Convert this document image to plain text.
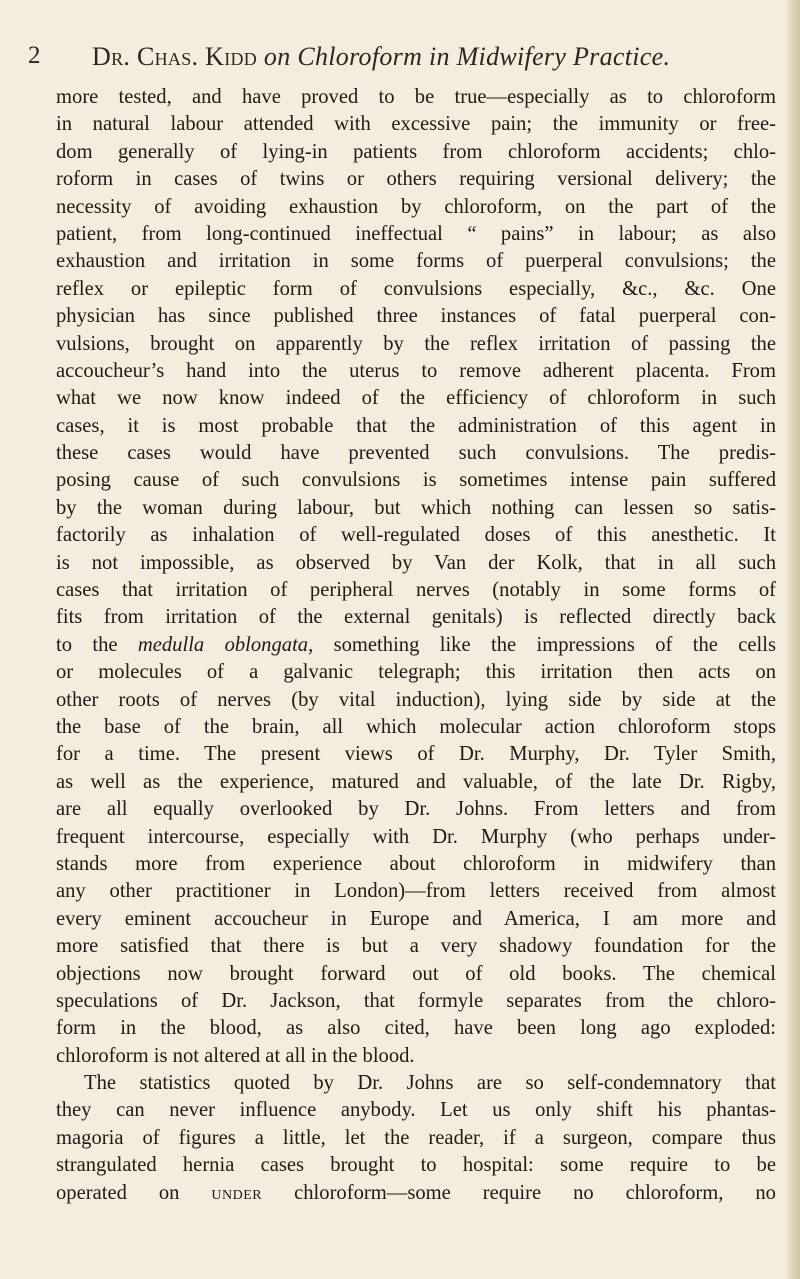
2 Dr. Chas. Kidd on Chloroform in Midwifery Practice.
more tested, and have proved to be true—especially as to chloroform
in natural labour attended with excessive pain; the immunity or free-
dom generally of lying-in patients from chloroform accidents; chlo-
roform in cases of twins or others requiring versional delivery; the
necessity of avoiding exhaustion by chloroform, on the part of the
patient, from long-continued ineffectual “ pains” in labour; as also
exhaustion and irritation in some forms of puerperal convulsions; the
reflex or epileptic form of convulsions especially, &c., &c. One
physician has since published three instances of fatal puerperal con-
vulsions, brought on apparently by the reflex irritation of passing the
accoucheur’s hand into the uterus to remove adherent placenta. From
what we now know indeed of the efficiency of chloroform in such
cases, it is most probable that the administration of this agent in
these cases would have prevented such convulsions. The predis-
posing cause of such convulsions is sometimes intense pain suffered
by the woman during labour, but which nothing can lessen so satis-
factorily as inhalation of well-regulated doses of this anesthetic. It
is not impossible, as observed by Van der Kolk, that in all such
cases that irritation of peripheral nerves (notably in some forms of
fits from irritation of the external genitals) is reflected directly back
to the medulla oblongata, something like the impressions of the cells
or molecules of a galvanic telegraph; this irritation then acts on
other roots of nerves (by vital induction), lying side by side at the
the base of the brain, all which molecular action chloroform stops
for a time. The present views of Dr. Murphy, Dr. Tyler Smith,
as well as the experience, matured and valuable, of the late Dr. Rigby,
are all equally overlooked by Dr. Johns. From letters and from
frequent intercourse, especially with Dr. Murphy (who perhaps under-
stands more from experience about chloroform in midwifery than
any other practitioner in London)—from letters received from almost
every eminent accoucheur in Europe and America, I am more and
more satisfied that there is but a very shadowy foundation for the
objections now brought forward out of old books. The chemical
speculations of Dr. Jackson, that formyle separates from the chloro-
form in the blood, as also cited, have been long ago exploded:
chloroform is not altered at all in the blood.
The statistics quoted by Dr. Johns are so self-condemnatory that
they can never influence anybody. Let us only shift his phantas-
magoria of figures a little, let the reader, if a surgeon, compare thus
strangulated hernia cases brought to hospital: some require to be
operated on under chloroform—some require no chloroform, no
